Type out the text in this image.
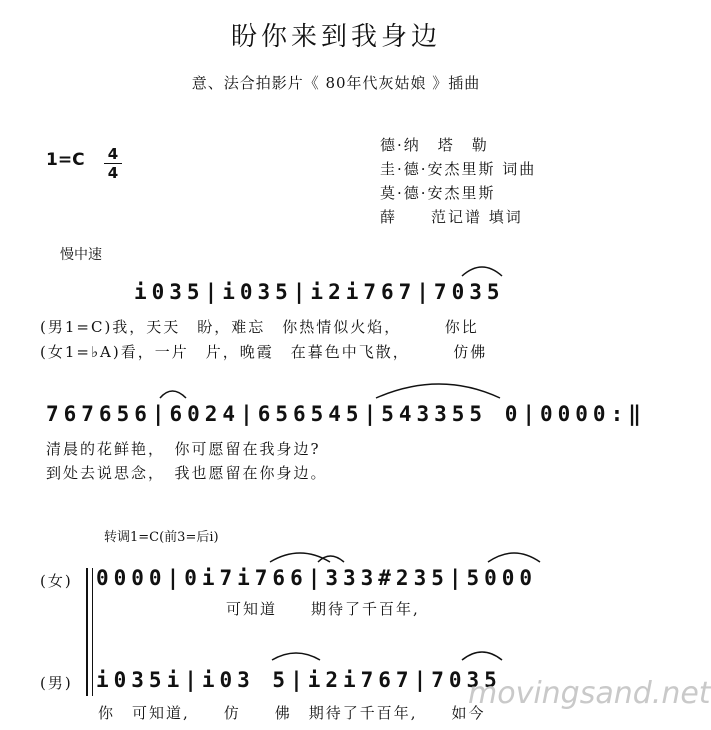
盼你来到我身边
意、法合拍影片《 80年代灰姑娘 》插曲
1=C 4
4
德·纳　塔　勒
圭·德·安杰里斯 词曲
莫·德·安杰里斯
薛　　范记谱 填词
慢中速
i035|i035|i2i767|7035
(男1=C)我，天天　盼，难忘　你热情似火焰，　　　你比
(女1=♭A)看，一片　片，晚霞　在暮色中飞散，　　　仿佛
767656|6024|656545|543355 0|0000:‖
清晨的花鲜艳，　你可愿留在我身边?
到处去说思念，　我也愿留在你身边。
转调1=C(前3=后i)
(女) 0000|0i7i766|333#235|5000
可知道　　期待了千百年,
(男) i035i|i03 5|i2i767|7035
你　可知道,　　仿　　佛　期待了千百年,　　如今
movingsand.net
